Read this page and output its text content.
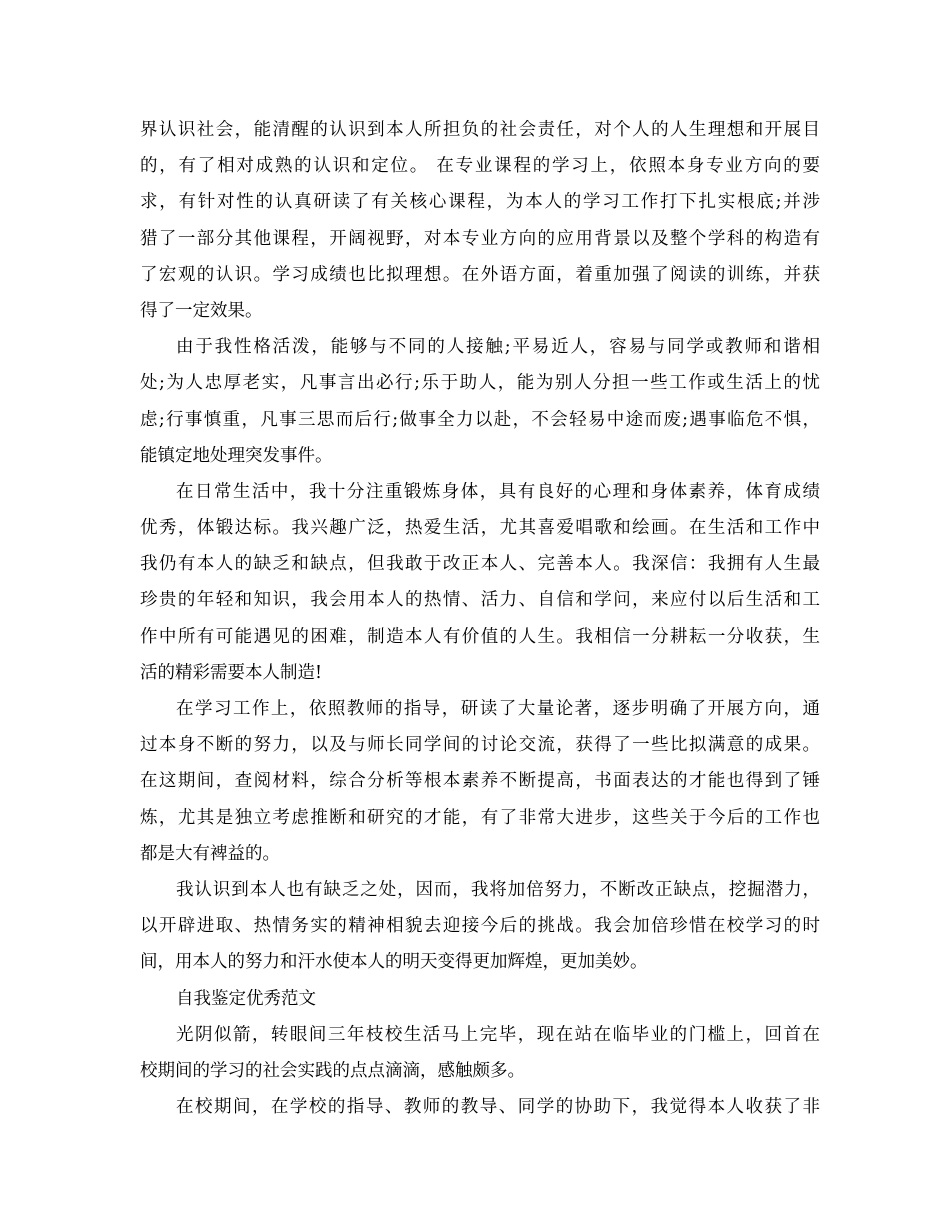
界认识社会，能清醒的认识到本人所担负的社会责任，对个人的人生理想和开展目
的，有了相对成熟的认识和定位。 在专业课程的学习上，依照本身专业方向的要
求，有针对性的认真研读了有关核心课程，为本人的学习工作打下扎实根底;并涉
猎了一部分其他课程，开阔视野，对本专业方向的应用背景以及整个学科的构造有
了宏观的认识。学习成绩也比拟理想。在外语方面，着重加强了阅读的训练，并获
得了一定效果。
由于我性格活泼，能够与不同的人接触;平易近人，容易与同学或教师和谐相
处;为人忠厚老实，凡事言出必行;乐于助人，能为别人分担一些工作或生活上的忧
虑;行事慎重，凡事三思而后行;做事全力以赴，不会轻易中途而废;遇事临危不惧，
能镇定地处理突发事件。
在日常生活中，我十分注重锻炼身体，具有良好的心理和身体素养，体育成绩
优秀，体锻达标。我兴趣广泛，热爱生活，尤其喜爱唱歌和绘画。在生活和工作中
我仍有本人的缺乏和缺点，但我敢于改正本人、完善本人。我深信：我拥有人生最
珍贵的年轻和知识，我会用本人的热情、活力、自信和学问，来应付以后生活和工
作中所有可能遇见的困难，制造本人有价值的人生。我相信一分耕耘一分收获，生
活的精彩需要本人制造!
在学习工作上，依照教师的指导，研读了大量论著，逐步明确了开展方向，通
过本身不断的努力，以及与师长同学间的讨论交流，获得了一些比拟满意的成果。
在这期间，查阅材料，综合分析等根本素养不断提高，书面表达的才能也得到了锤
炼，尤其是独立考虑推断和研究的才能，有了非常大进步，这些关于今后的工作也
都是大有裨益的。
我认识到本人也有缺乏之处，因而，我将加倍努力，不断改正缺点，挖掘潜力，
以开辟进取、热情务实的精神相貌去迎接今后的挑战。我会加倍珍惜在校学习的时
间，用本人的努力和汗水使本人的明天变得更加辉煌，更加美妙。
自我鉴定优秀范文
光阴似箭，转眼间三年枝校生活马上完毕，现在站在临毕业的门槛上，回首在
校期间的学习的社会实践的点点滴滴，感触颇多。
在校期间，在学校的指导、教师的教导、同学的协助下，我觉得本人收获了非
